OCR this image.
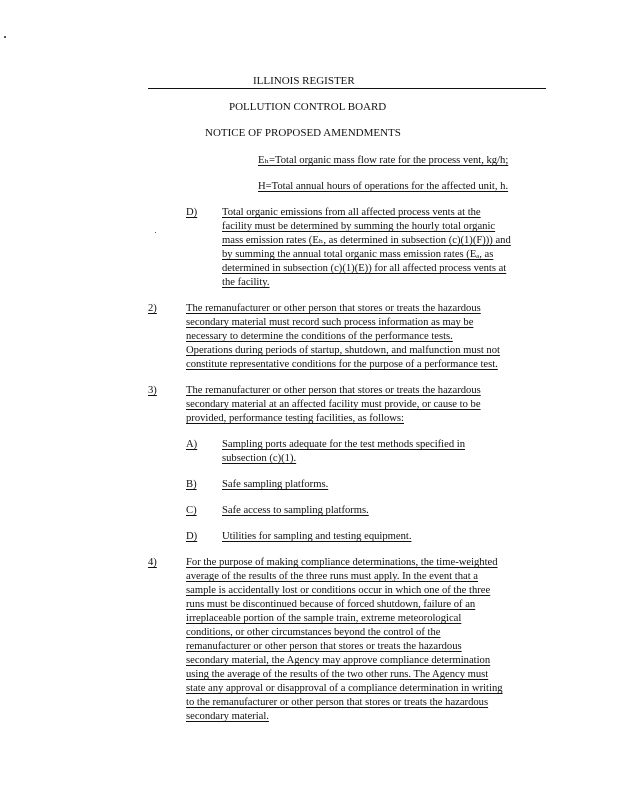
ILLINOIS REGISTER
POLLUTION CONTROL BOARD
NOTICE OF PROPOSED AMENDMENTS
Eₕ=Total organic mass flow rate for the process vent, kg/h;
H=Total annual hours of operations for the affected unit, h.
D) Total organic emissions from all affected process vents at the
facility must be determined by summing the hourly total organic
mass emission rates (Eₕ, as determined in subsection (c)(1)(F))) and
by summing the annual total organic mass emission rates (Eₐ, as
determined in subsection (c)(1)(E)) for all affected process vents at
the facility.
2)	The remanufacturer or other person that stores or treats the hazardous
secondary material must record such process information as may be
necessary to determine the conditions of the performance tests.
Operations during periods of startup, shutdown, and malfunction must not
constitute representative conditions for the purpose of a performance test.
3)	The remanufacturer or other person that stores or treats the hazardous
secondary material at an affected facility must provide, or cause to be
provided, performance testing facilities, as follows:
A) Sampling ports adequate for the test methods specified in
subsection (c)(1).
B) Safe sampling platforms.
C) Safe access to sampling platforms.
D) Utilities for sampling and testing equipment.
4)	For the purpose of making compliance determinations, the time-weighted
average of the results of the three runs must apply. In the event that a
sample is accidentally lost or conditions occur in which one of the three
runs must be discontinued because of forced shutdown, failure of an
irreplaceable portion of the sample train, extreme meteorological
conditions, or other circumstances beyond the control of the
remanufacturer or other person that stores or treats the hazardous
secondary material, the Agency may approve compliance determination
using the average of the results of the two other runs. The Agency must
state any approval or disapproval of a compliance determination in writing
to the remanufacturer or other person that stores or treats the hazardous
secondary material.
